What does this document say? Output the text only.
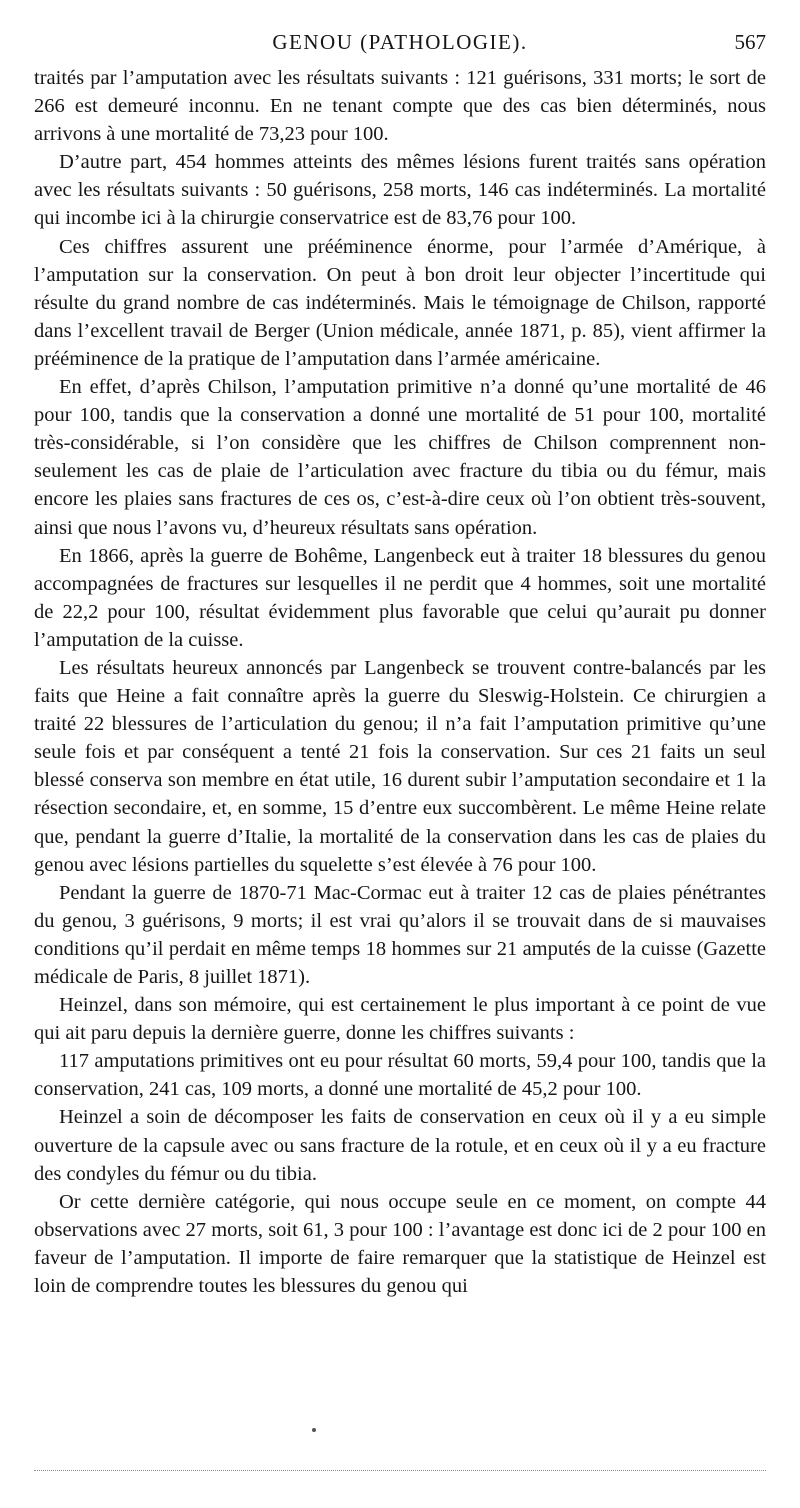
GENOU (PATHOLOGIE).	567

traités par l’amputation avec les résultats suivants : 121 guérisons, 331 morts; le sort de 266 est demeuré inconnu. En ne tenant compte que des cas bien déterminés, nous arrivons à une mortalité de 73,23 pour 100.

D’autre part, 454 hommes atteints des mêmes lésions furent traités sans opération avec les résultats suivants : 50 guérisons, 258 morts, 146 cas indéterminés. La mortalité qui incombe ici à la chirurgie conservatrice est de 83,76 pour 100.

Ces chiffres assurent une prééminence énorme, pour l’armée d’Amérique, à l’amputation sur la conservation. On peut à bon droit leur objecter l’incertitude qui résulte du grand nombre de cas indéterminés. Mais le témoignage de Chilson, rapporté dans l’excellent travail de Berger (Union médicale, année 1871, p. 85), vient affirmer la prééminence de la pratique de l’amputation dans l’armée américaine.

En effet, d’après Chilson, l’amputation primitive n’a donné qu’une mortalité de 46 pour 100, tandis que la conservation a donné une mortalité de 51 pour 100, mortalité très-considérable, si l’on considère que les chiffres de Chilson comprennent non-seulement les cas de plaie de l’articulation avec fracture du tibia ou du fémur, mais encore les plaies sans fractures de ces os, c’est-à-dire ceux où l’on obtient très-souvent, ainsi que nous l’avons vu, d’heureux résultats sans opération.

En 1866, après la guerre de Bohême, Langenbeck eut à traiter 18 blessures du genou accompagnées de fractures sur lesquelles il ne perdit que 4 hommes, soit une mortalité de 22,2 pour 100, résultat évidemment plus favorable que celui qu’aurait pu donner l’amputation de la cuisse.

Les résultats heureux annoncés par Langenbeck se trouvent contre-balancés par les faits que Heine a fait connaître après la guerre du Sleswig-Holstein. Ce chirurgien a traité 22 blessures de l’articulation du genou; il n’a fait l’amputation primitive qu’une seule fois et par conséquent a tenté 21 fois la conservation. Sur ces 21 faits un seul blessé conserva son membre en état utile, 16 durent subir l’amputation secondaire et 1 la résection secondaire, et, en somme, 15 d’entre eux succombèrent. Le même Heine relate que, pendant la guerre d’Italie, la mortalité de la conservation dans les cas de plaies du genou avec lésions partielles du squelette s’est élevée à 76 pour 100.

Pendant la guerre de 1870-71 Mac-Cormac eut à traiter 12 cas de plaies pénétrantes du genou, 3 guérisons, 9 morts; il est vrai qu’alors il se trouvait dans de si mauvaises conditions qu’il perdait en même temps 18 hommes sur 21 amputés de la cuisse (Gazette médicale de Paris, 8 juillet 1871).

Heinzel, dans son mémoire, qui est certainement le plus important à ce point de vue qui ait paru depuis la dernière guerre, donne les chiffres suivants :

117 amputations primitives ont eu pour résultat 60 morts, 59,4 pour 100, tandis que la conservation, 241 cas, 109 morts, a donné une mortalité de 45,2 pour 100.

Heinzel a soin de décomposer les faits de conservation en ceux où il y a eu simple ouverture de la capsule avec ou sans fracture de la rotule, et en ceux où il y a eu fracture des condyles du fémur ou du tibia.

Or cette dernière catégorie, qui nous occupe seule en ce moment, on compte 44 observations avec 27 morts, soit 61, 3 pour 100 : l’avantage est donc ici de 2 pour 100 en faveur de l’amputation. Il importe de faire remarquer que la statistique de Heinzel est loin de comprendre toutes les blessures du genou qui
